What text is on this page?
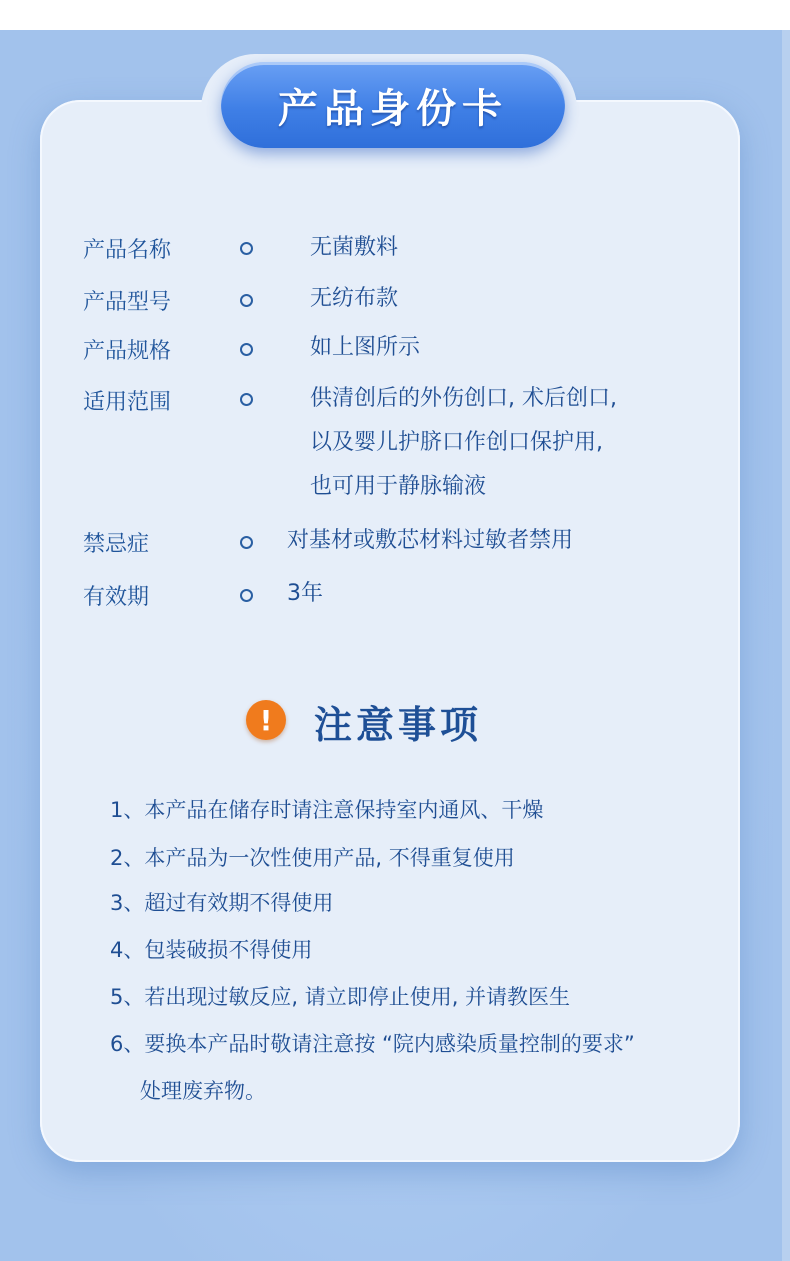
产品身份卡
产品名称	无菌敷料
产品型号	无纺布款
产品规格	如上图所示
适用范围	供清创后的外伤创口, 术后创口,
以及婴儿护脐口作创口保护用,
也可用于静脉输液
禁忌症	对基材或敷芯材料过敏者禁用
有效期	3年
! 注意事项
1、本产品在储存时请注意保持室内通风、干燥
2、本产品为一次性使用产品, 不得重复使用
3、超过有效期不得使用
4、包装破损不得使用
5、若出现过敏反应, 请立即停止使用, 并请教医生
6、要换本产品时敬请注意按 “院内感染质量控制的要求”
处理废弃物。
